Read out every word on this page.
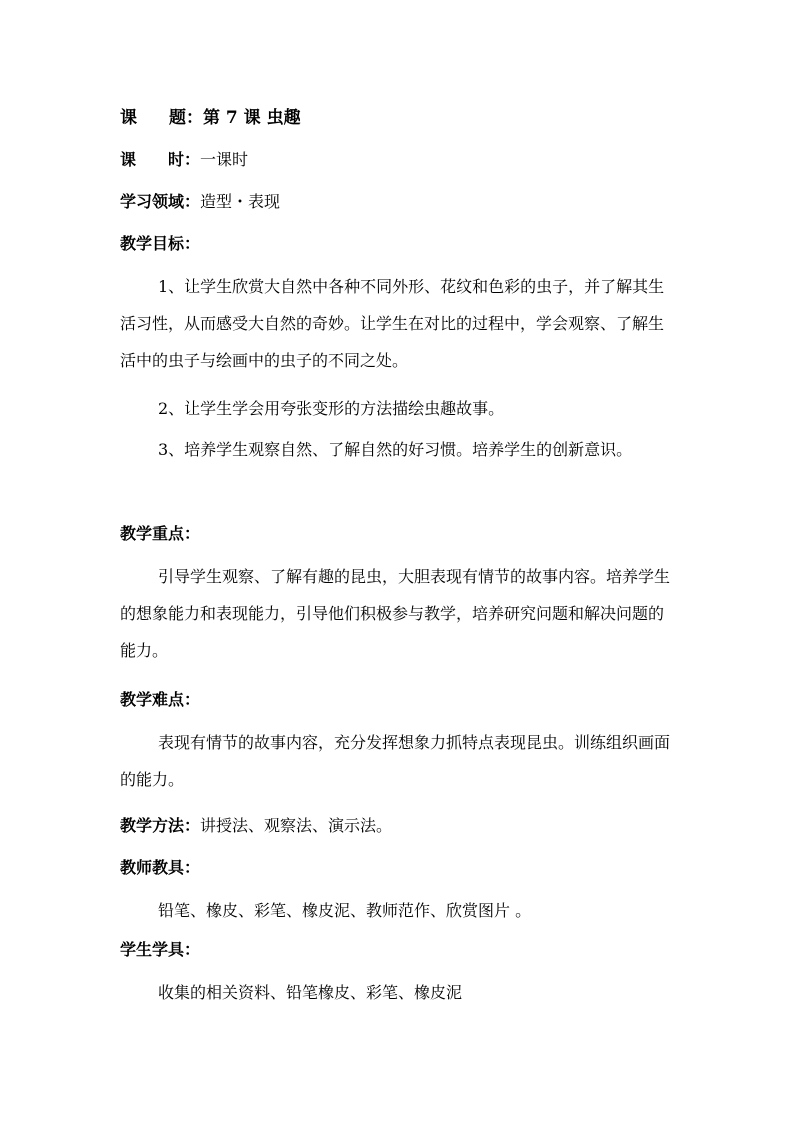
课 题：第 7 课 虫趣
课 时：一课时
学习领域：造型・表现
教学目标：
1、让学生欣赏大自然中各种不同外形、花纹和色彩的虫子，并了解其生活习性，从而感受大自然的奇妙。让学生在对比的过程中，学会观察、了解生活中的虫子与绘画中的虫子的不同之处。
2、让学生学会用夸张变形的方法描绘虫趣故事。
3、培养学生观察自然、了解自然的好习惯。培养学生的创新意识。
教学重点：
引导学生观察、了解有趣的昆虫，大胆表现有情节的故事内容。培养学生的想象能力和表现能力，引导他们积极参与教学，培养研究问题和解决问题的能力。
教学难点：
表现有情节的故事内容，充分发挥想象力抓特点表现昆虫。训练组织画面的能力。
教学方法：讲授法、观察法、演示法。
教师教具：
铅笔、橡皮、彩笔、橡皮泥、教师范作、欣赏图片 。
学生学具：
收集的相关资料、铅笔橡皮、彩笔、橡皮泥
